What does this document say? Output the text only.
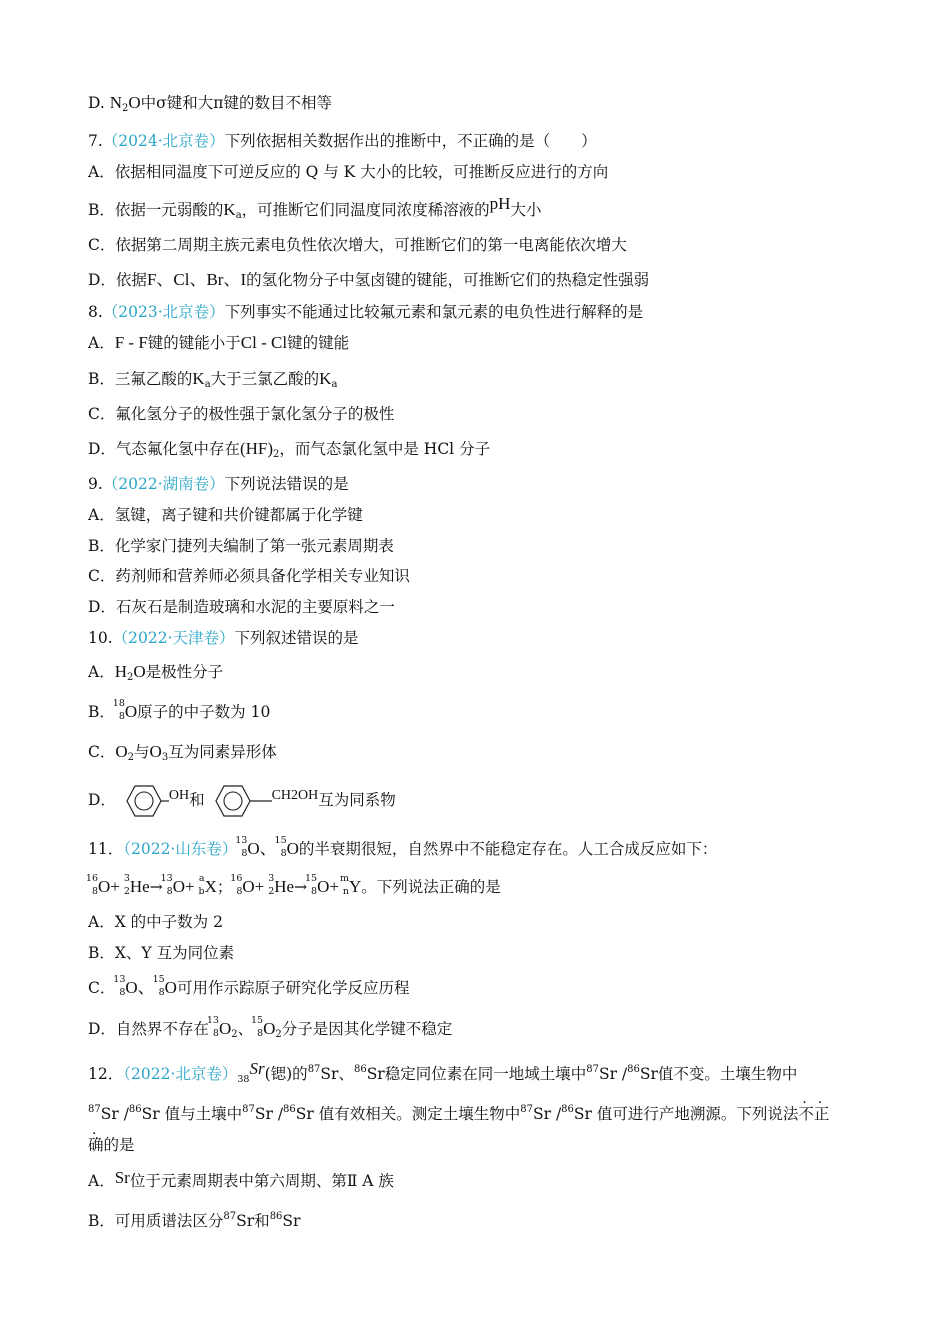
D. $N_2O$中σ键和大π键的数目不相等
7.（2024·北京卷）下列依据相关数据作出的推断中，不正确的是（　　）
A．依据相同温度下可逆反应的 Q 与 K 大小的比较，可推断反应进行的方向
B．依据一元弱酸的$K_a$，可推断它们同温度同浓度稀溶液的pH大小
C．依据第二周期主族元素电负性依次增大，可推断它们的第一电离能依次增大
D．依据F、Cl、Br、I的氢化物分子中氢卤键的键能，可推断它们的热稳定性强弱
8.（2023·北京卷）下列事实不能通过比较氟元素和氯元素的电负性进行解释的是
A．F - F键的键能小于Cl - Cl键的键能
B．三氟乙酸的$K_a$大于三氯乙酸的$K_a$
C．氟化氢分子的极性强于氯化氢分子的极性
D．气态氟化氢中存在$(HF)_2$，而气态氯化氢中是 HCl 分子
9.（2022·湖南卷）下列说法错误的是
A．氢键，离子键和共价键都属于化学键
B．化学家门捷列夫编制了第一张元素周期表
C．药剂师和营养师必须具备化学相关专业知识
D．石灰石是制造玻璃和水泥的主要原料之一
10.（2022·天津卷）下列叙述错误的是
A．$H_2O$是极性分子
B．
18
8 O原子的中子数为 10
C．$O_2$与$O_3$互为同素异形体
D．	OH和	CH2OH互为同系物
11．（2022·山东卷）
13
8 O、
15
8 O的半衰期很短，自然界中不能稳定存在。人工合成反应如下：
16
8 O+ 3
2 He→
13
8 O+ a
b X；
16
8 O+ 3
2 He→
15
8 O+ m
n Y。下列说法正确的是
A．X 的中子数为 2
B．X、Y 互为同位素
C．
13
8 O、
15
8 O可用作示踪原子研究化学反应历程
D．自然界不存在
13
8 $O_2$、
15
8 $O_2$分子是因其化学键不稳定
12．（2022·北京卷）$_{38}Sr$(锶)的$^{87}$Sr、$^{86}$Sr稳定同位素在同一地域土壤中$^{87}$Sr /$^{86}$Sr值不变。土壤生物中
$^{87}$Sr /$^{86}$Sr 值与土壤中$^{87}$Sr /$^{86}$Sr 值有效相关。测定土壤生物中$^{87}$Sr /$^{86}$Sr 值可进行产地溯源。下列说法不正
确的是
A．Sr位于元素周期表中第六周期、第Ⅱ A 族
B．可用质谱法区分$^{87}$Sr和$^{86}$Sr
